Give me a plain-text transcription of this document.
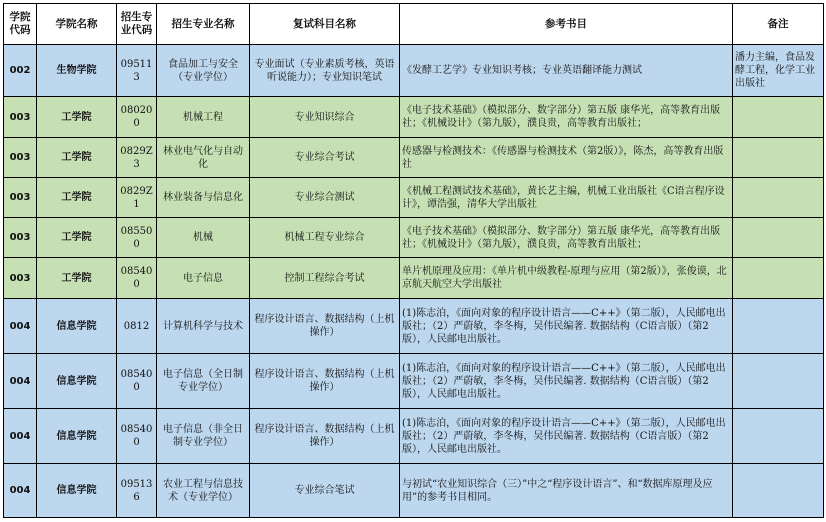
学院代码	学院名称	招生专业代码	招生专业名称	复试科目名称	参考书目	备注
002	生物学院	095113	食品加工与安全（专业学位）	专业面试（专业素质考核，英语听说能力）；专业知识笔试	《发酵工艺学》专业知识考核；专业英语翻译能力测试	潘力主编，食品发酵工程，化学工业出版社
003	工学院	080200	机械工程	专业知识综合	《电子技术基础》（模拟部分、数字部分）第五版 康华光，高等教育出版社；《机械设计》（第九版），濮良贵，高等教育出版社；	
003	工学院	0829Z3	林业电气化与自动化	专业综合考试	传感器与检测技术：《传感器与检测技术（第2版）》，陈杰，高等教育出版社	
003	工学院	0829Z1	林业装备与信息化	专业综合测试	《机械工程测试技术基础》，黄长艺主编，机械工业出版社《C语言程序设计》，谭浩强，清华大学出版社	
003	工学院	085500	机械	机械工程专业综合	《电子技术基础》（模拟部分、数字部分）第五版 康华光，高等教育出版社；《机械设计》（第九版），濮良贵，高等教育出版社；	
003	工学院	085400	电子信息	控制工程综合考试	单片机原理及应用：《单片机中级教程-原理与应用（第2版）》，张俊谟，北京航天航空大学出版社	
004	信息学院	0812	计算机科学与技术	程序设计语言、数据结构（上机操作）	(1)陈志泊，《面向对象的程序设计语言——C++》（第二版），人民邮电出版社；（2）严蔚敏，李冬梅，吴伟民编著. 数据结构（C语言版）（第2版），人民邮电出版社。	
004	信息学院	085400	电子信息（全日制专业学位）	程序设计语言、数据结构（上机操作）	(1)陈志泊，《面向对象的程序设计语言——C++》（第二版），人民邮电出版社；（2）严蔚敏，李冬梅，吴伟民编著. 数据结构（C语言版）（第2版），人民邮电出版社。	
004	信息学院	085400	电子信息（非全日制专业学位）	程序设计语言、数据结构（上机操作）	(1)陈志泊，《面向对象的程序设计语言——C++》（第二版），人民邮电出版社；（2）严蔚敏，李冬梅，吴伟民编著. 数据结构（C语言版）（第2版），人民邮电出版社。	
004	信息学院	095136	农业工程与信息技术（专业学位）	专业综合笔试	与初试“农业知识综合（三）”中之“程序设计语言”、和“数据库原理及应用”的参考书目相同。	
